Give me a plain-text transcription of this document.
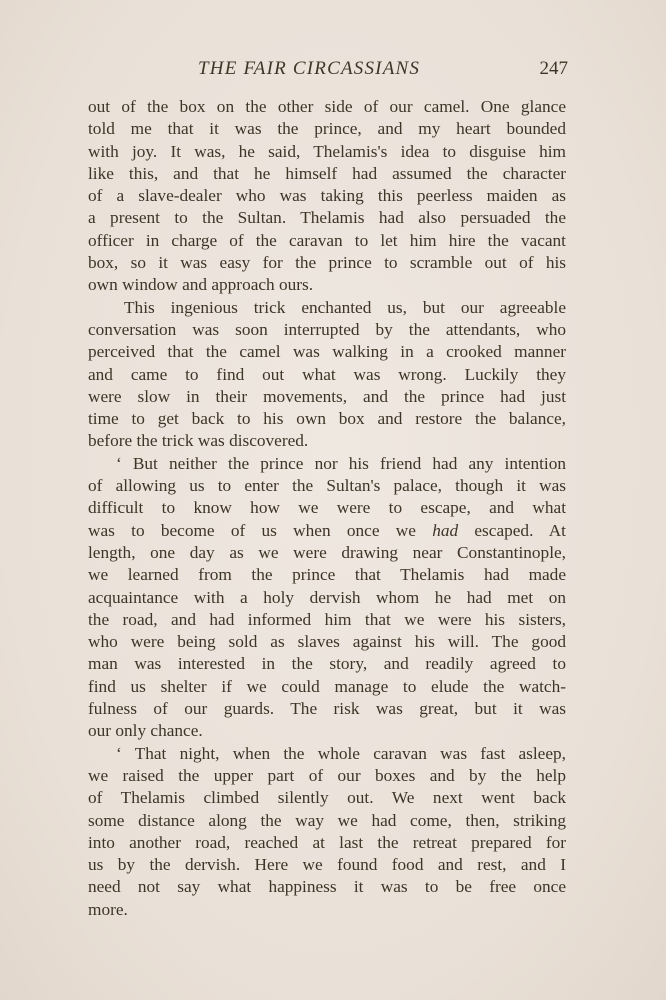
THE FAIR CIRCASSIANS	247
out of the box on the other side of our camel. One glance
told me that it was the prince, and my heart bounded
with joy. It was, he said, Thelamis's idea to disguise him
like this, and that he himself had assumed the character
of a slave-dealer who was taking this peerless maiden as
a present to the Sultan. Thelamis had also persuaded the
officer in charge of the caravan to let him hire the vacant
box, so it was easy for the prince to scramble out of his
own window and approach ours.
This ingenious trick enchanted us, but our agreeable
conversation was soon interrupted by the attendants, who
perceived that the camel was walking in a crooked manner
and came to find out what was wrong. Luckily they
were slow in their movements, and the prince had just
time to get back to his own box and restore the balance,
before the trick was discovered.
‘ But neither the prince nor his friend had any intention
of allowing us to enter the Sultan's palace, though it was
difficult to know how we were to escape, and what
was to become of us when once we had escaped. At
length, one day as we were drawing near Constantinople,
we learned from the prince that Thelamis had made
acquaintance with a holy dervish whom he had met on
the road, and had informed him that we were his sisters,
who were being sold as slaves against his will. The good
man was interested in the story, and readily agreed to
find us shelter if we could manage to elude the watch-
fulness of our guards. The risk was great, but it was
our only chance.
‘ That night, when the whole caravan was fast asleep,
we raised the upper part of our boxes and by the help
of Thelamis climbed silently out. We next went back
some distance along the way we had come, then, striking
into another road, reached at last the retreat prepared for
us by the dervish. Here we found food and rest, and I
need not say what happiness it was to be free once
more.
